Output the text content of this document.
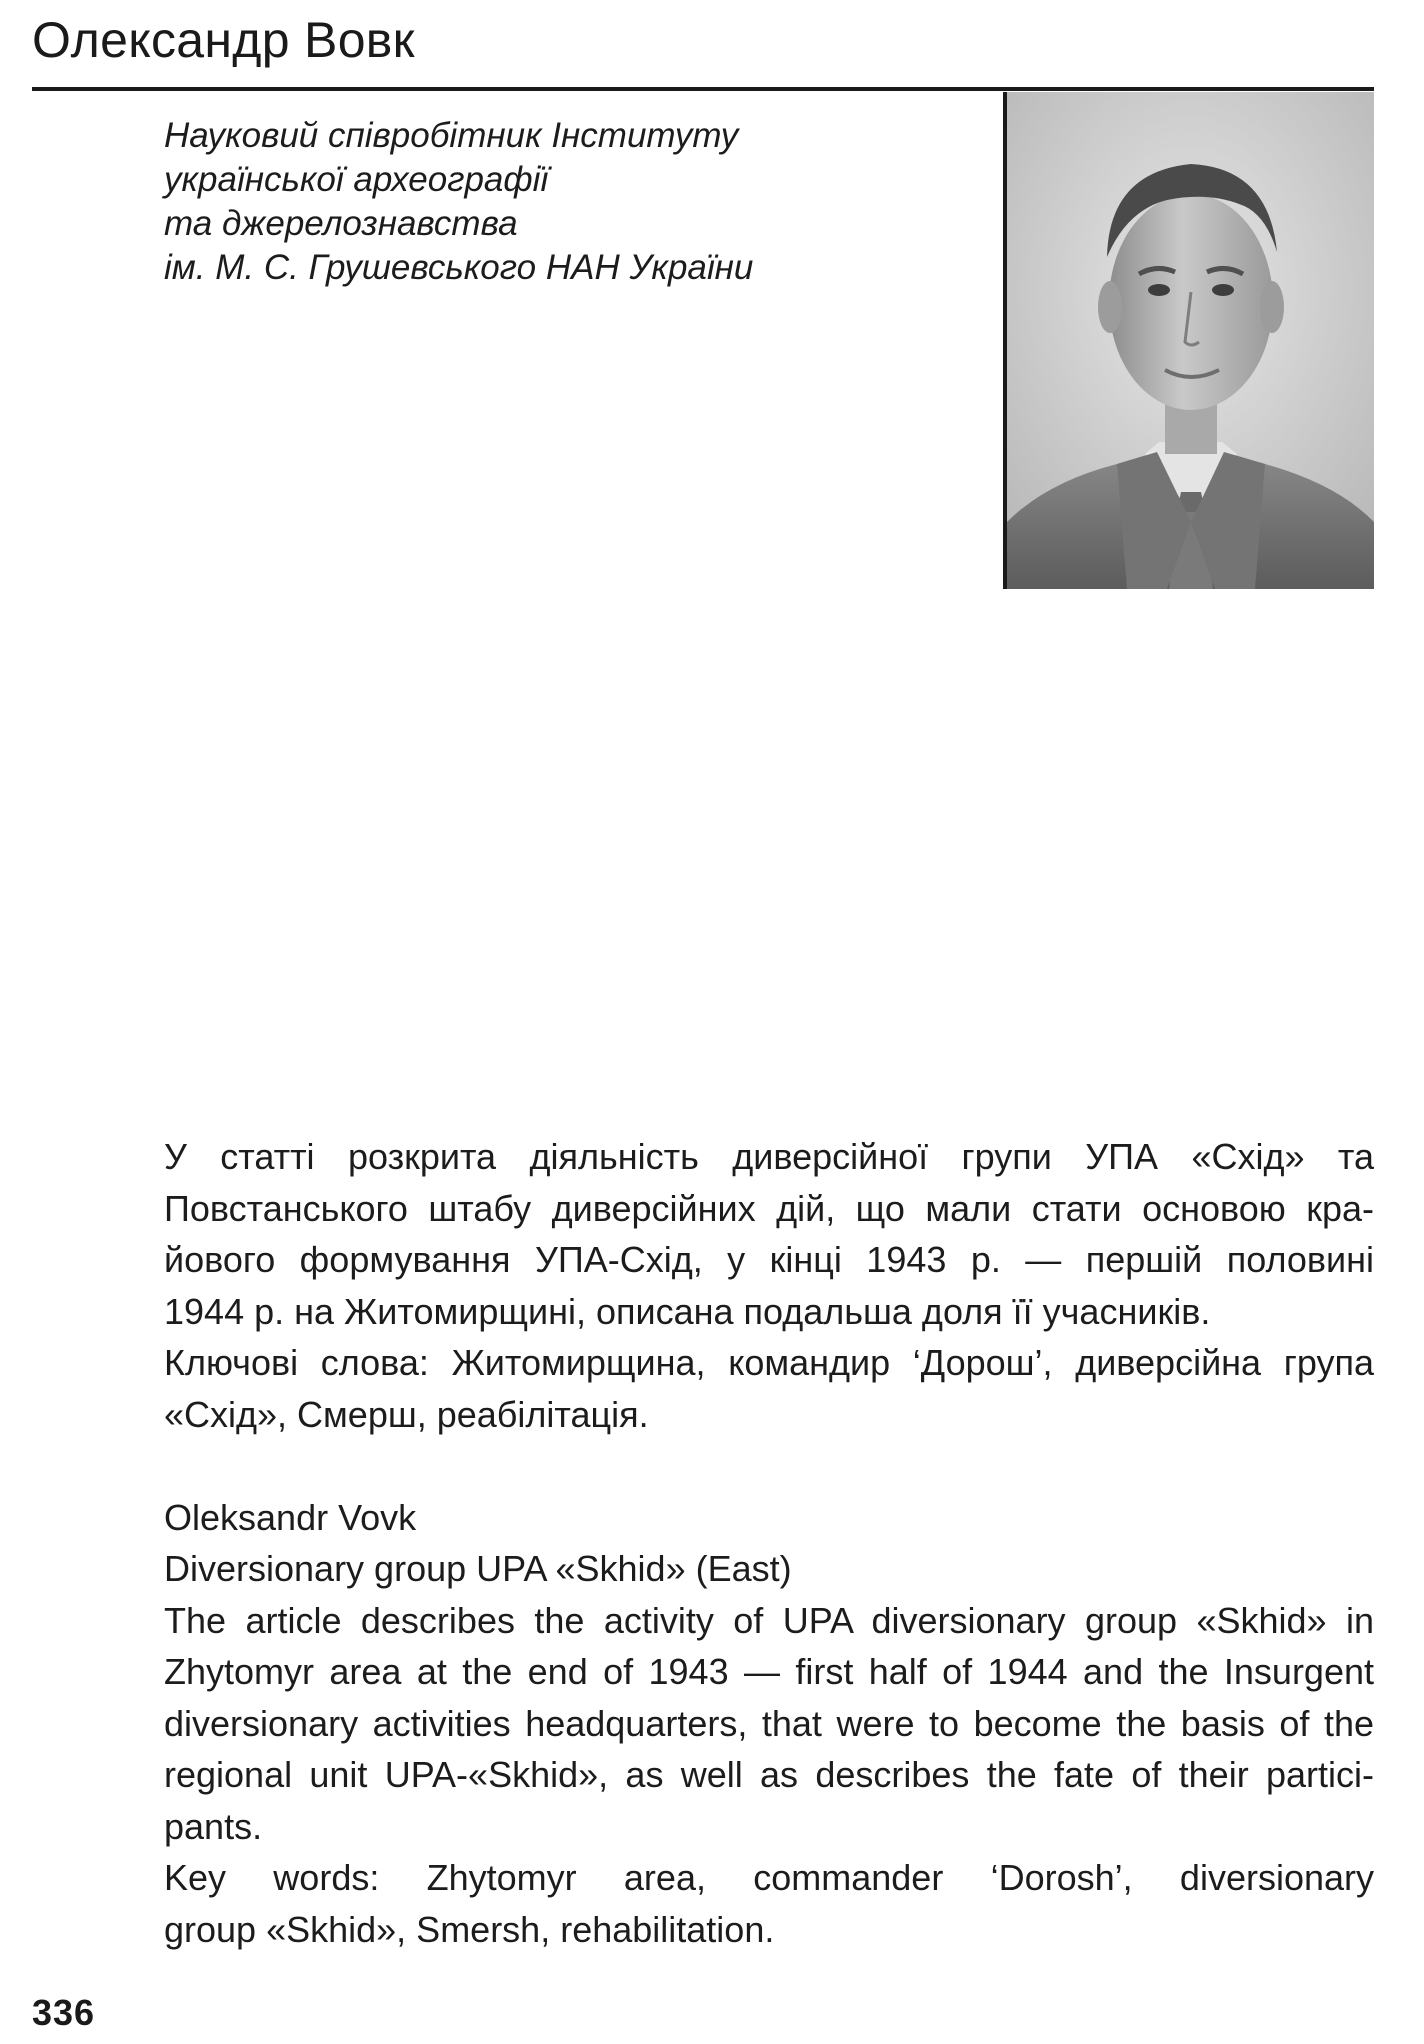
Олександр Вовк
Науковий співробітник Інституту
української археографії
та джерелознавства
ім. М. С. Грушевського НАН України
У статті розкрита діяльність диверсійної групи УПА «Схід» та
Повстанського штабу диверсійних дій, що мали стати основою кра-
йового формування УПА-Схід, у кінці 1943 р. — першій половині
1944 р. на Житомирщині, описана подальша доля її учасників.
Ключові слова: Житомирщина, командир ‘Дорош’, диверсійна група
«Схід», Смерш, реабілітація.
Oleksandr Vovk
Diversionary group UPA «Skhid» (East)
The article describes the activity of UPA diversionary group «Skhid» in
Zhytomyr area at the end of 1943 — first half of 1944 and the Insurgent
diversionary activities headquarters, that were to become the basis of the
regional unit UPA-«Skhid», as well as describes the fate of their partici-
pants.
Key words: Zhytomyr area, commander ‘Dorosh’, diversionary
group «Skhid», Smersh, rehabilitation.
336
